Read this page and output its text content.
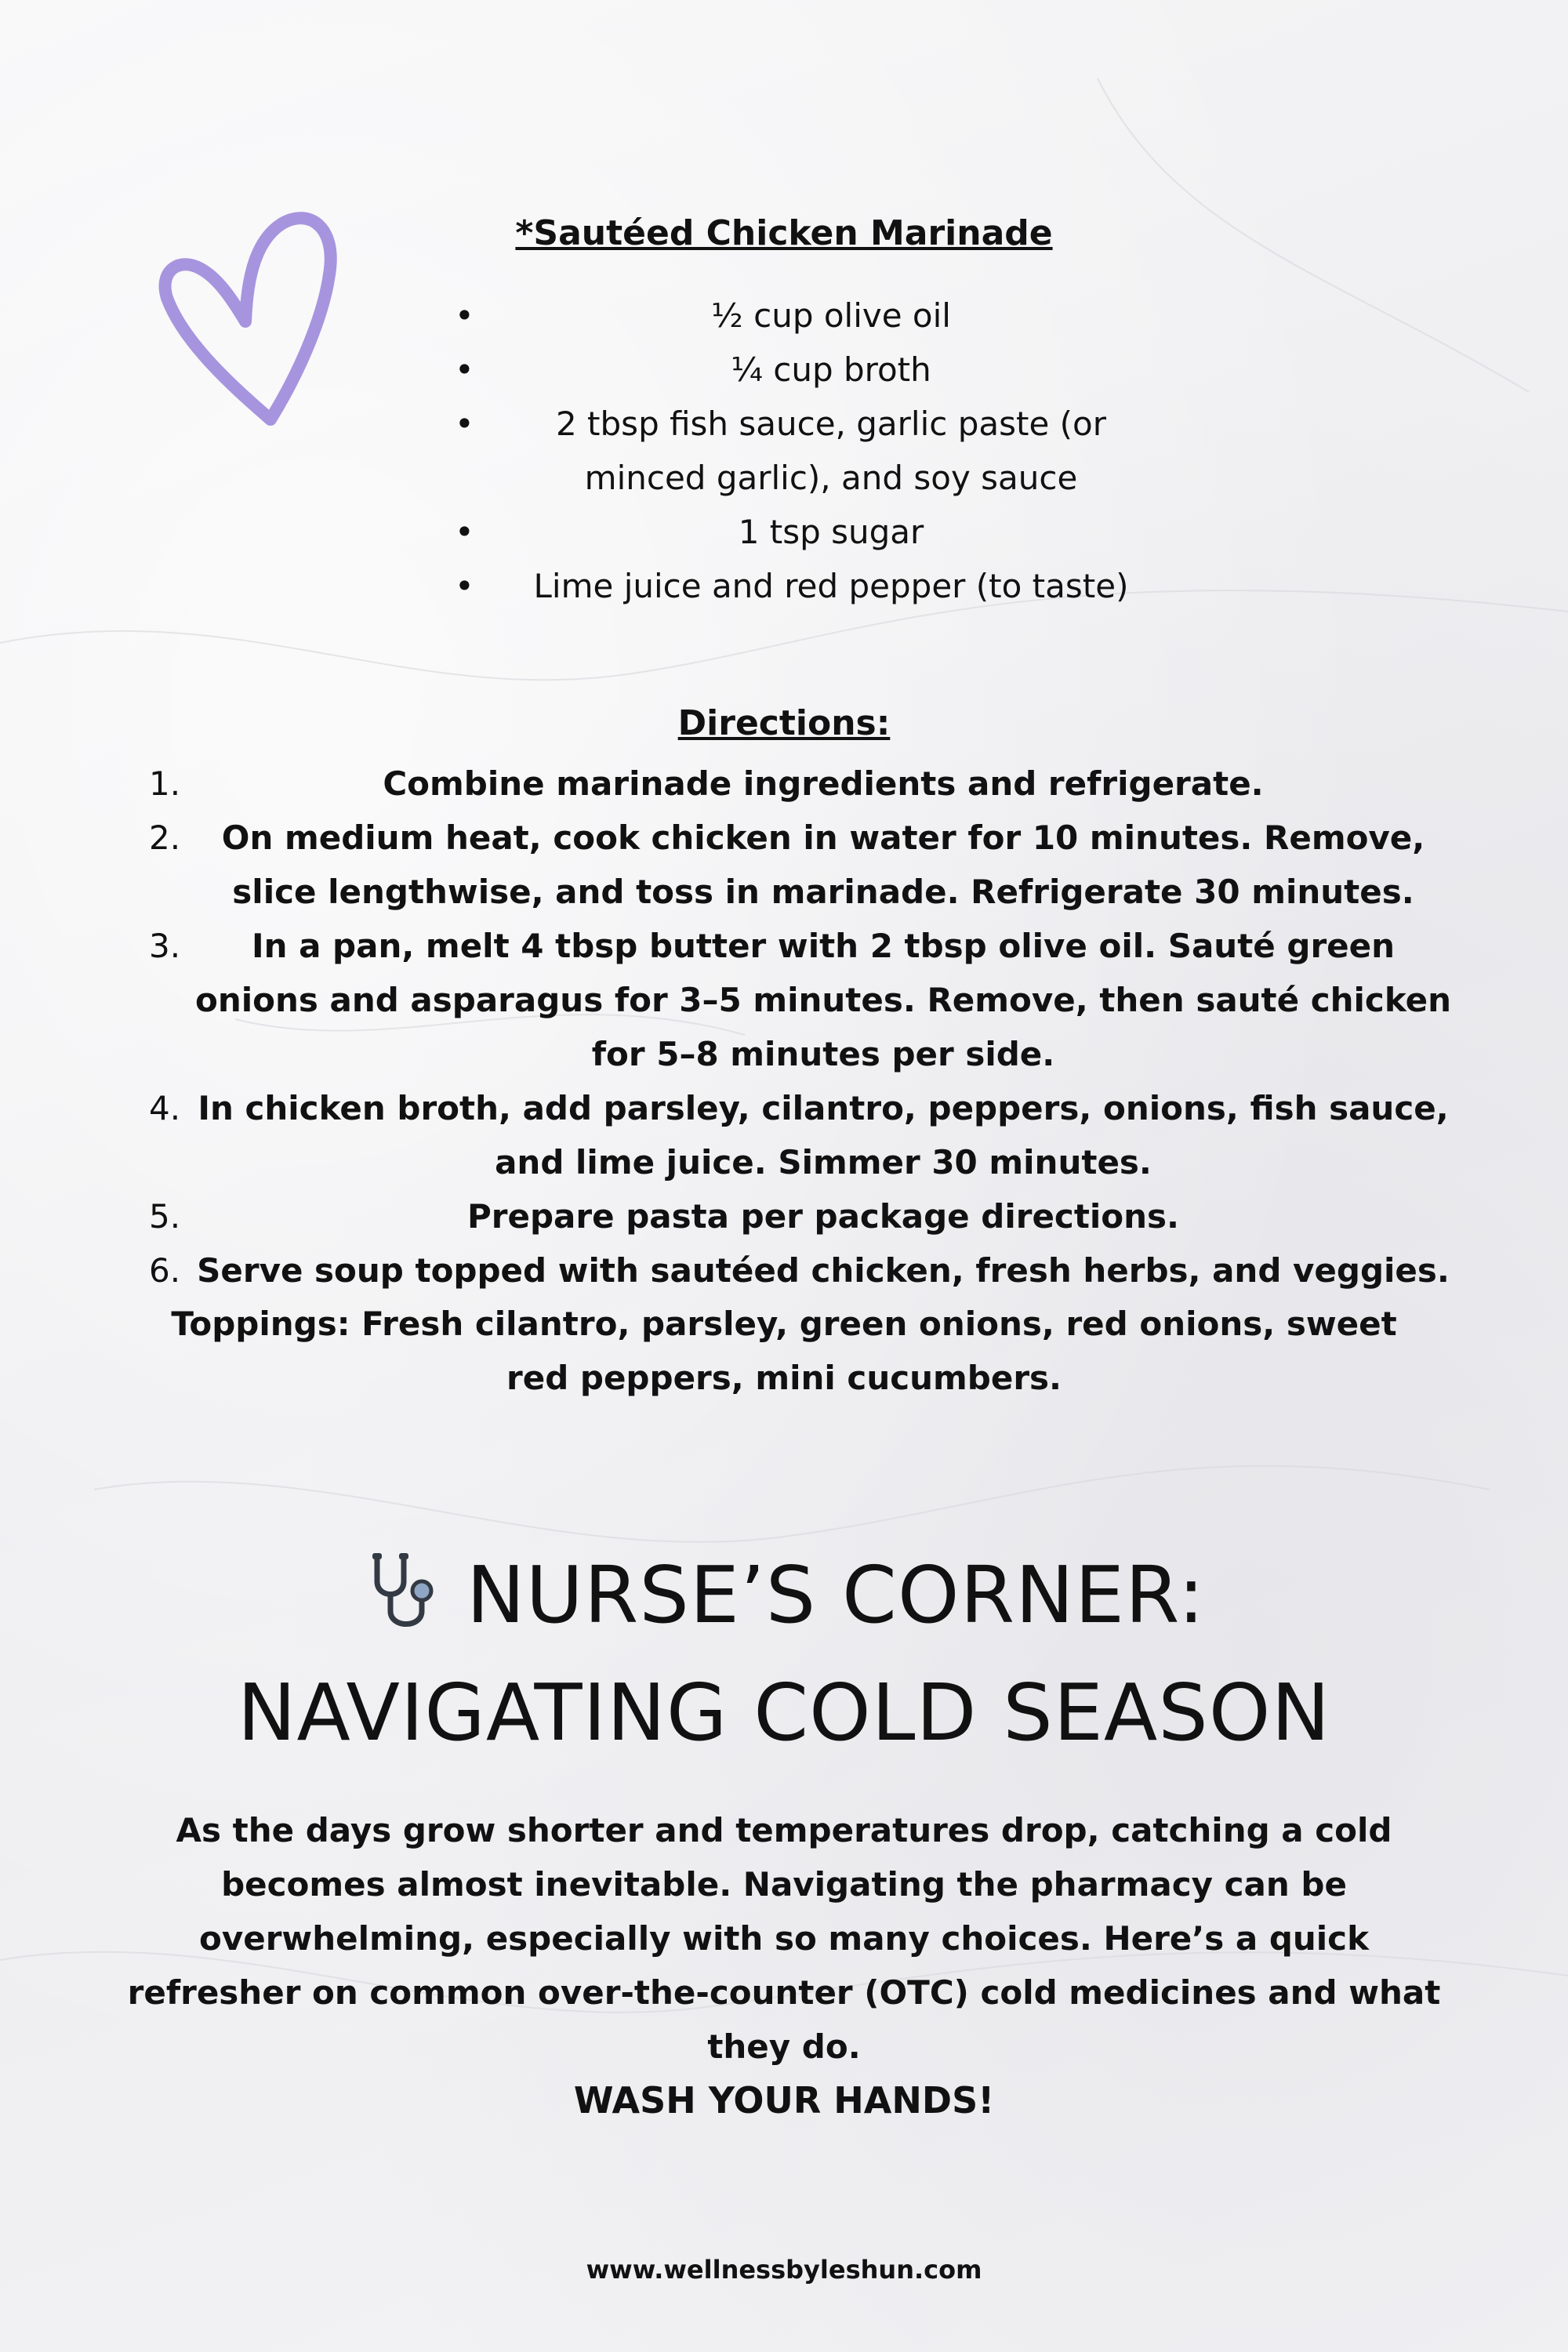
*Sautéed Chicken Marinade
•	½ cup olive oil
•	¼ cup broth
• 2 tbsp fish sauce, garlic paste (or minced garlic), and soy sauce
•	1 tsp sugar
• Lime juice and red pepper (to taste)
Directions:
1.	Combine marinade ingredients and refrigerate.
2. On medium heat, cook chicken in water for 10 minutes. Remove, slice lengthwise, and toss in marinade. Refrigerate 30 minutes.
3. In a pan, melt 4 tbsp butter with 2 tbsp olive oil. Sauté green onions and asparagus for 3–5 minutes. Remove, then sauté chicken for 5–8 minutes per side.
4. In chicken broth, add parsley, cilantro, peppers, onions, fish sauce, and lime juice. Simmer 30 minutes.
5.	Prepare pasta per package directions.
6. Serve soup topped with sautéed chicken, fresh herbs, and veggies.
Toppings: Fresh cilantro, parsley, green onions, red onions, sweet red peppers, mini cucumbers.
NURSE’S CORNER:
NAVIGATING COLD SEASON
As the days grow shorter and temperatures drop, catching a cold becomes almost inevitable. Navigating the pharmacy can be overwhelming, especially with so many choices. Here’s a quick refresher on common over-the-counter (OTC) cold medicines and what they do.
WASH YOUR HANDS!
www.wellnessbyleshun.com
